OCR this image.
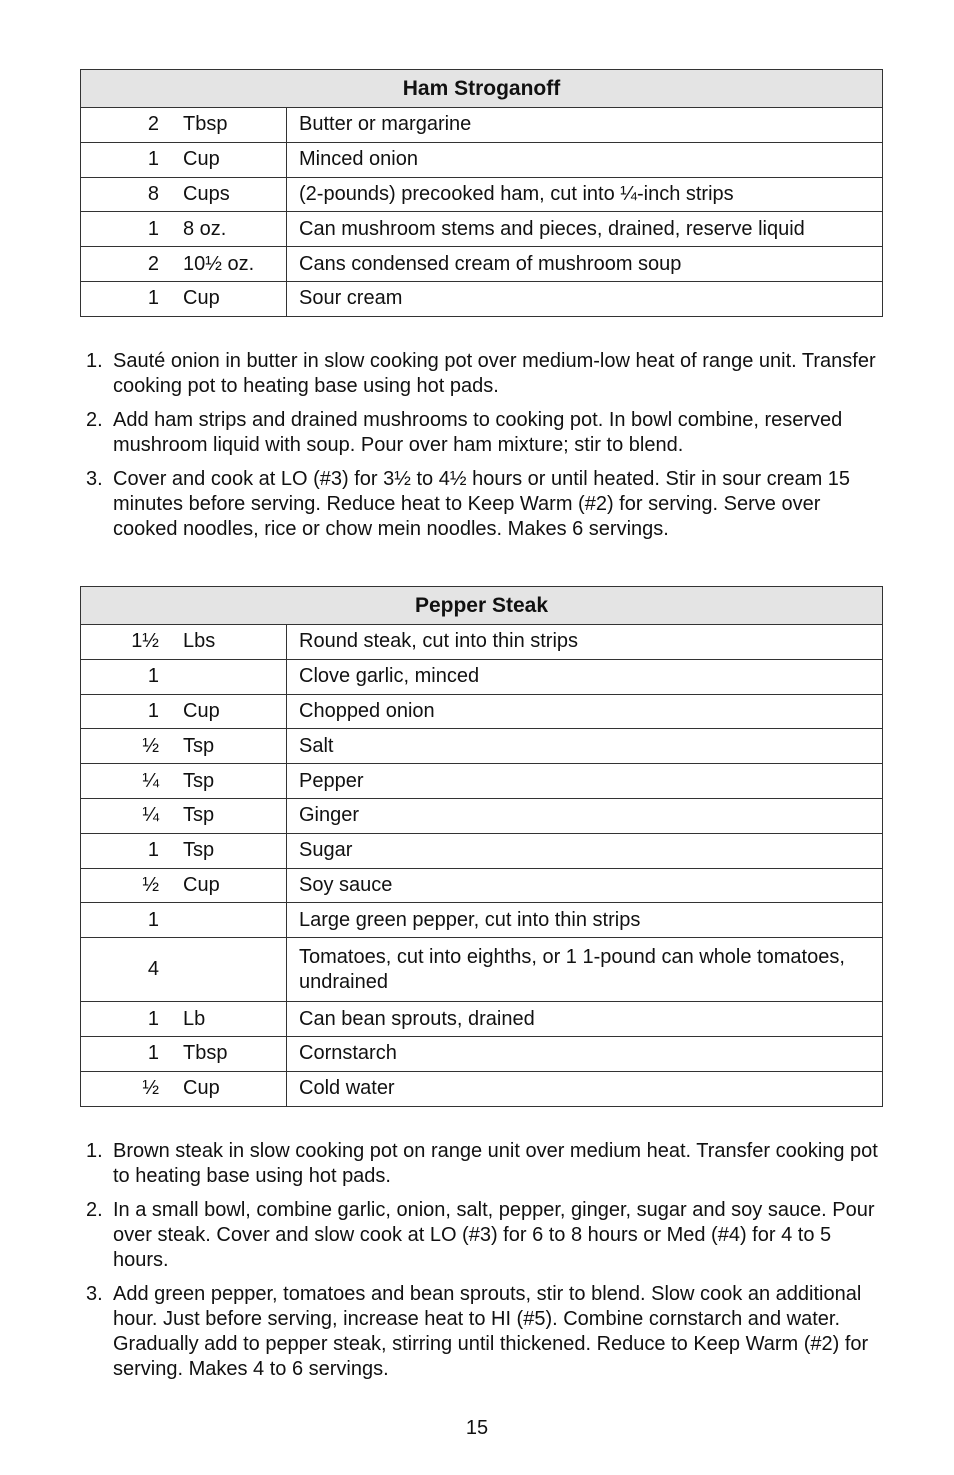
Ham Stroganoff	
2 Tbsp	Butter or margarine
1 Cup	Minced onion
8 Cups	(2-pounds) precooked ham, cut into ¼-inch strips
1 8 oz.	Can mushroom stems and pieces, drained, reserve liquid
2 10½ oz.	Cans condensed cream of mushroom soup
1 Cup	Sour cream
1. Sauté onion in butter in slow cooking pot over medium-low heat of range unit. Transfer cooking pot to heating base using hot pads.
2. Add ham strips and drained mushrooms to cooking pot. In bowl combine, reserved mushroom liquid with soup. Pour over ham mixture; stir to blend.
3. Cover and cook at LO (#3) for 3½ to 4½ hours or until heated. Stir in sour cream 15 minutes before serving. Reduce heat to Keep Warm (#2) for serving. Serve over cooked noodles, rice or chow mein noodles. Makes 6 servings.
Pepper Steak	
1½ Lbs	Round steak, cut into thin strips
1	Clove garlic, minced
1 Cup	Chopped onion
½ Tsp	Salt
¼ Tsp	Pepper
¼ Tsp	Ginger
1 Tsp	Sugar
½ Cup	Soy sauce
1	Large green pepper, cut into thin strips
4	Tomatoes, cut into eighths, or 1 1-pound can whole tomatoes, undrained
1 Lb	Can bean sprouts, drained
1 Tbsp	Cornstarch
½ Cup	Cold water
1. Brown steak in slow cooking pot on range unit over medium heat. Transfer cooking pot to heating base using hot pads.
2. In a small bowl, combine garlic, onion, salt, pepper, ginger, sugar and soy sauce. Pour over steak. Cover and slow cook at LO (#3) for 6 to 8 hours or Med (#4) for 4 to 5 hours.
3. Add green pepper, tomatoes and bean sprouts, stir to blend. Slow cook an additional hour. Just before serving, increase heat to HI (#5). Combine cornstarch and water. Gradually add to pepper steak, stirring until thickened. Reduce to Keep Warm (#2) for serving. Makes 4 to 6 servings.
15
